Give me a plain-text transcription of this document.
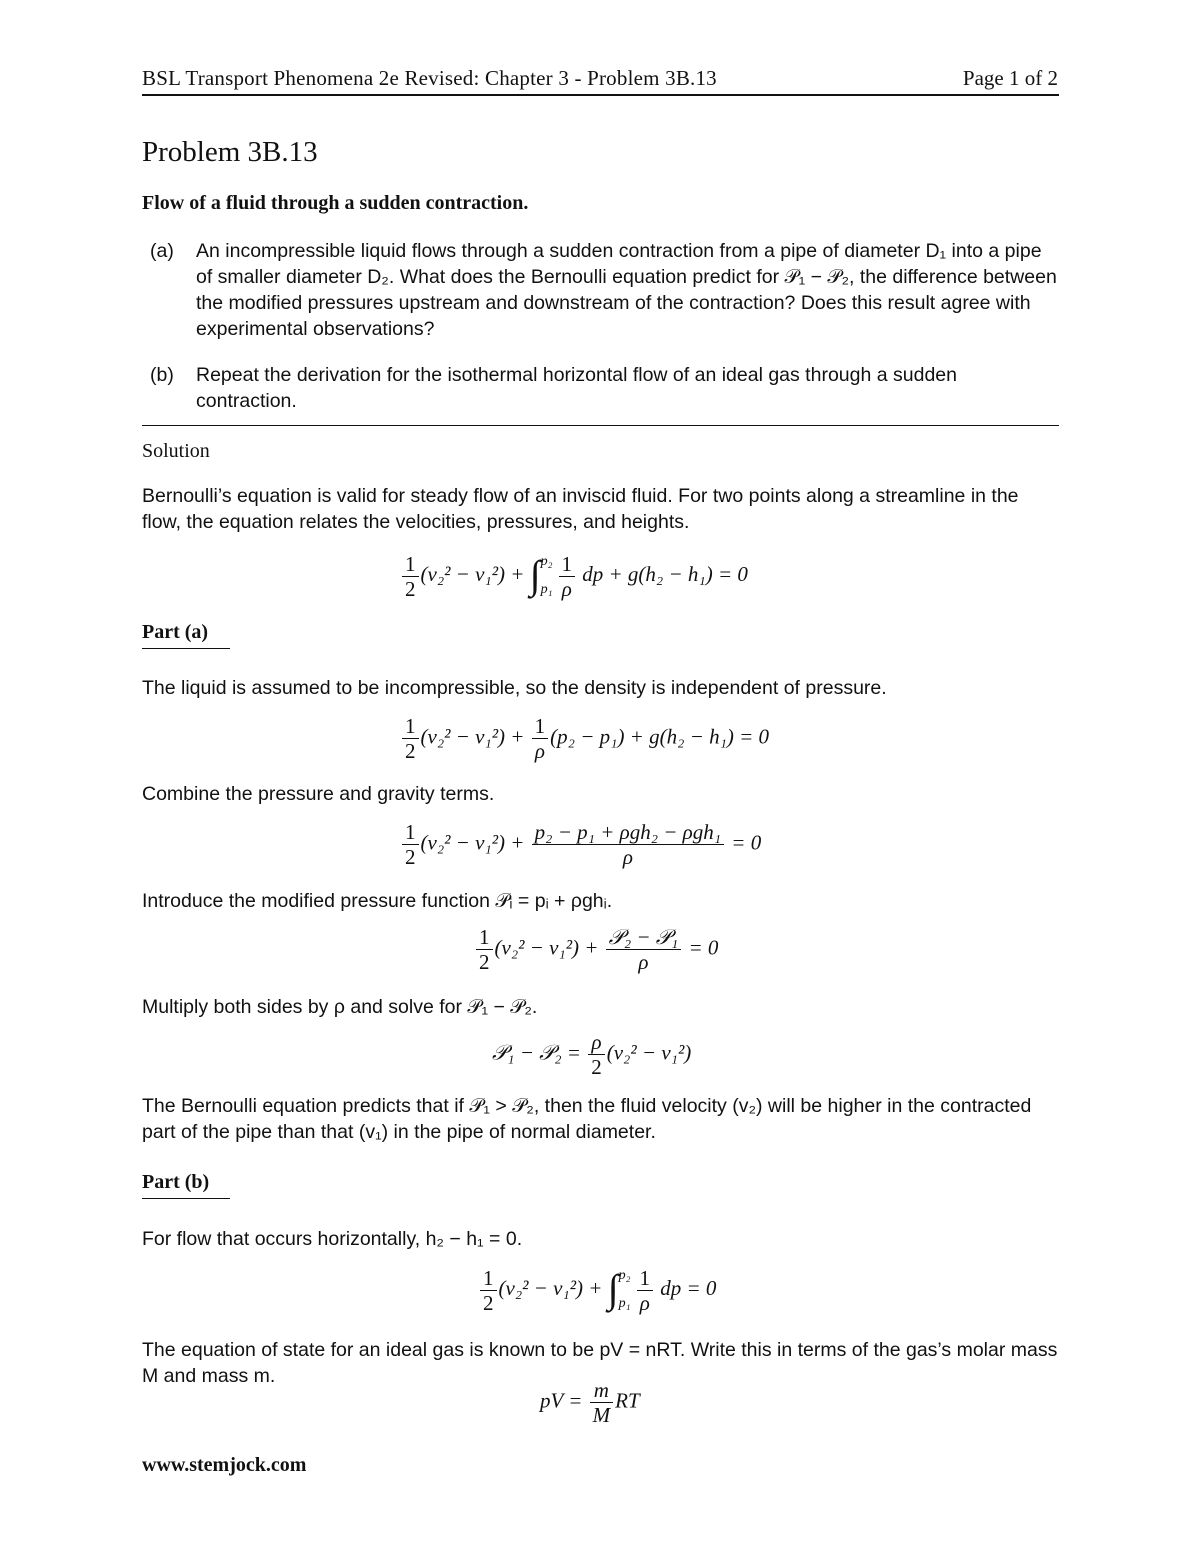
BSL Transport Phenomena 2e Revised: Chapter 3 - Problem 3B.13	Page 1 of 2
Problem 3B.13
Flow of a fluid through a sudden contraction.
(a)	An incompressible liquid flows through a sudden contraction from a pipe of diameter D₁ into a pipe of smaller diameter D₂. What does the Bernoulli equation predict for 𝒫₁ − 𝒫₂, the difference between the modified pressures upstream and downstream of the contraction? Does this result agree with experimental observations?
(b)	Repeat the derivation for the isothermal horizontal flow of an ideal gas through a sudden contraction.
Solution
Bernoulli’s equation is valid for steady flow of an inviscid fluid. For two points along a streamline in the flow, the equation relates the velocities, pressures, and heights.
$\frac{1}{2} (v_2^2 - v_1^2)$ + ∫ p₂
$p_1 \frac{1}{\rho}$ dp + g(h₂ − h₁) = 0
Part (a)
The liquid is assumed to be incompressible, so the density is independent of pressure.
$\frac{1}{2} (v_2^2 - v_1^2) + \frac{1}{\rho} (p_2 - p_1) + g(h_2 - h_1) = 0$
Combine the pressure and gravity terms.
$\frac{1}{2} (v_2^2 - v_1^2) + \frac{\text{p₂ − p₁ + ρgh₂ − ρgh₁}}{\rho} = 0$
Introduce the modified pressure function 𝒫ᵢ = pᵢ + ρghᵢ.
$\frac{1}{2} (v_2^2 - v_1^2) + \frac{\text{𝒫₂ − 𝒫₁}}{\rho} = 0$
Multiply both sides by ρ and solve for 𝒫₁ − 𝒫₂.
𝒫₁ − 𝒫₂ = $\frac{\rho}{2} (v_2^2 - v_1^2)$
The Bernoulli equation predicts that if 𝒫₁ > 𝒫₂, then the fluid velocity (v₂) will be higher in the contracted part of the pipe than that (v₁) in the pipe of normal diameter.
Part (b)
For flow that occurs horizontally, h₂ − h₁ = 0.
$\frac{1}{2} (v_2^2 - v_1^2)$ + ∫ p₂
$p_1 \frac{1}{\rho}$ dp = 0
The equation of state for an ideal gas is known to be pV = nRT. Write this in terms of the gas’s molar mass M and mass m.
pV = $\frac{m}{M}$ RT
www.stemjock.com
